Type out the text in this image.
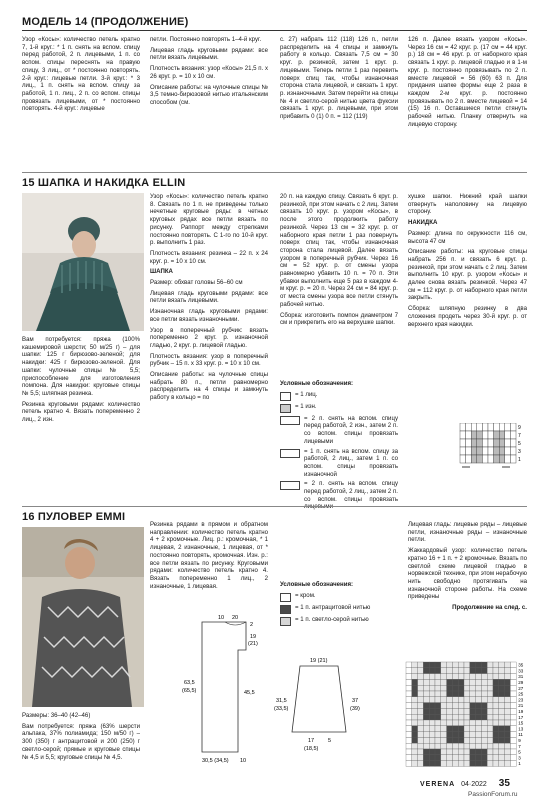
МОДЕЛЬ 14 (ПРОДОЛЖЕНИЕ)

Узор «Косы»: количество петель кратно 7, 1-й круг.: * 1 п. снять на вспом. спицу перед работой, 2 п. лицевыми, 1 п. со вспом. спицы переснять на правую спицу, 3 лиц., от * постоянно повторять. 2-й круг.: лицевые петли. 3-й круг.: * 3 лиц., 1 п. снять на вспом. спицу за работой, 1 п. лиц., 2 п. со вспом. спицы провязать лицевыми, от * постоянно повторять. 4-й круг.: лицевые

петли. Постоянно повторять 1–4-й круг.

Лицевая гладь круговыми рядами: все петли вязать лицевыми.

Плотность вязания: узор «Косы» 21,5 п. х 26 круг. р. = 10 х 10 см.

Описание работы: на чулочные спицы № 3,5 темно-бирюзовой нитью итальянским способом (см.

с. 27) набрать 112 (118) 126 п., петли распределить на 4 спицы и замкнуть работу в кольцо. Связать 7,5 см = 30 круг. р. резинкой, затем 1 круг. р. лицевыми. Теперь петли 1 раз перевить поверх спиц так, чтобы изнаночная сторона стала лицевой, и связать 1 круг. р. изнаночными. Затем перейти на спицы № 4 и светло-серой нитью цвета фуксии связать 1 круг. р. лицевыми, при этом прибавить 0 (1) 0 п. = 112 (119)

126 п. Далее вязать узором «Косы». Через 16 см = 42 круг. р. (17 см = 44 круг. р.) 18 см = 46 круг. р. от наборного края связать 1 круг. р. лицевой гладью и в 1-м круг. р. постоянно провязывать по 2 п. вместе лицевой = 56 (60) 63 п. Для придания шапке формы еще 2 раза в каждом 2-м круг. р. постоянно провязывать по 2 п. вместе лицевой = 14 (15) 16 п. Оставшиеся петли стянуть рабочей нитью. Планку отвернуть на лицевую сторону.

15 ШАПКА И НАКИДКА ELLIN

Вам потребуется: пряжа (100% кашемировой шерсти; 50 м/25 г) – для шапки: 125 г бирюзово-зеленой; для накидки: 425 г бирюзово-зеленой. Для шапки: чулочные спицы № 5,5; приспособление для изготовления помпона. Для накидки: круговые спицы № 5,5; шляпная резинка.

Резинка круговыми рядами: количество петель кратно 4. Вязать попеременно 2 лиц., 2 изн.

Узор «Косы»: количество петель кратно 8. Связать по 1 п. не приведены только нечетные круговые ряды: в четных круговых рядах все петли вязать по рисунку. Раппорт между стрелками постоянно повторять. С 1-го по 10-й круг. р. выполнить 1 раз.

Плотность вязания: резинка – 22 п. х 24 круг. р. = 10 х 10 см.

ШАПКА

Размер: обхват головы 56–60 см

Лицевая гладь круговыми рядами: все петли вязать лицевыми.

Изнаночная гладь круговыми рядами: все петли вязать изнаночными.

Узор в поперечный рубчик: вязать попеременно 2 круг. р. изнаночной гладью, 2 круг. р. лицевой гладью.

Плотность вязания: узор в поперечный рубчик – 15 п. х 33 круг. р. = 10 х 10 см.

Описание работы: на чулочные спицы набрать 80 п., петли равномерно распределить на 4 спицы и замкнуть работу в кольцо = по

20 п. на каждую спицу. Связать 6 круг. р. резинкой, при этом начать с 2 лиц. Затем связать 10 круг. р. узором «Косы», в после этого продолжить работу резинкой. Через 13 см = 32 круг. р. от наборного края петли 1 раз повернуть поверх спиц так, чтобы изнаночная сторона стала лицевой. Далее вязать узором в поперечный рубчик. Через 16 см = 52 круг. р. от смены узора равномерно убавить 10 п. = 70 п. Эти убавки выполнить еще 5 раз в каждом 4-м круг. р. = 20 п. Через 24 см = 84 круг. р. от места смены узора все петли стянуть рабочей нитью.

Сборка: изготовить помпон диаметром 7 см и прикрепить его на верхушке шапки.

хушке шапки. Нижний край шапки отвернуть наполовину на лицевую сторону.

НАКИДКА

Размер: длина по окружности 116 см, высота 47 см

Описание работы: на круговые спицы набрать 256 п. и связать 6 круг. р. резинкой, при этом начать с 2 лиц. Затем выполнить 10 круг. р. узором «Косы» и далее снова вязать резинкой. Через 47 см = 112 круг. р. от наборного края петли закрыть.

Сборка: шляпную резинку в два сложения продеть через 30-й круг. р. от верхнего края накидки.

Условные обозначения:

= 1 лиц.
= 1 изн.
= 2 п. снять на вспом. спицу перед работой, 2 изн., затем 2 п. со вспом. спицы провязать лицевыми
= 1 п. снять на вспом. спицу за работой, 2 лиц., затем 1 п. со вспом. спицы провязать изнаночной
= 2 п. снять на вспом. спицу перед работой, 2 лиц., затем 2 п. со вспом. спицы провязать
9
7
5
3
1
16 ПУЛОВЕР EMMI

Размеры: 36–40 (42–46)

Вам потребуется: пряжа (63% шерсти альпака, 37% полиамида; 150 м/50 г) – 300 (350) г антрацитовой и 200 (250) г светло-серой; прямые и круговые спицы № 4,5 и 5,5; круговые спицы № 4,5.

Резинка рядами в прямом и обратном направлении: количество петель кратно 4 + 2 кромочные. Лиц. р.: кромочная, * 1 лицевая, 2 изнаночные, 1 лицевая, от * постоянно повторять, кромочная. Изн. р.: все петли вязать по рисунку. Круговыми рядами: количество петель кратно 4. Вязать попеременно 1 лиц., 2 изнаночные, 1 лицевая.	Условные обозначения:

= кром.
= 1 п. антрацитовой нитью
= 1 п. светло-серой нитью

Лицевая гладь: лицевые ряды – лицевые петли, изнаночные ряды – изнаночные петли.

Жаккардовый узор: количество петель кратно 16 + 1 п. + 2 кромочные. Вязать по светлой схеме лицевой гладью в норвежской технике, при этом нерабочую нить свободно протягивать на изнаночной стороне работы. На схеме приведены

Продолжение на след. с.

10 20
19
(21)
2
63,5
(65,5)	45,5
30,5 (34,5) 10
19 (21)
31,5
(33,5)
37
(39)
17
(18,5)
5
35
33
31
29
27
25
23
21
19
17
15
13
11
9
7
5
3
1
VERENA 04·2022 35
PassionForum.ru
